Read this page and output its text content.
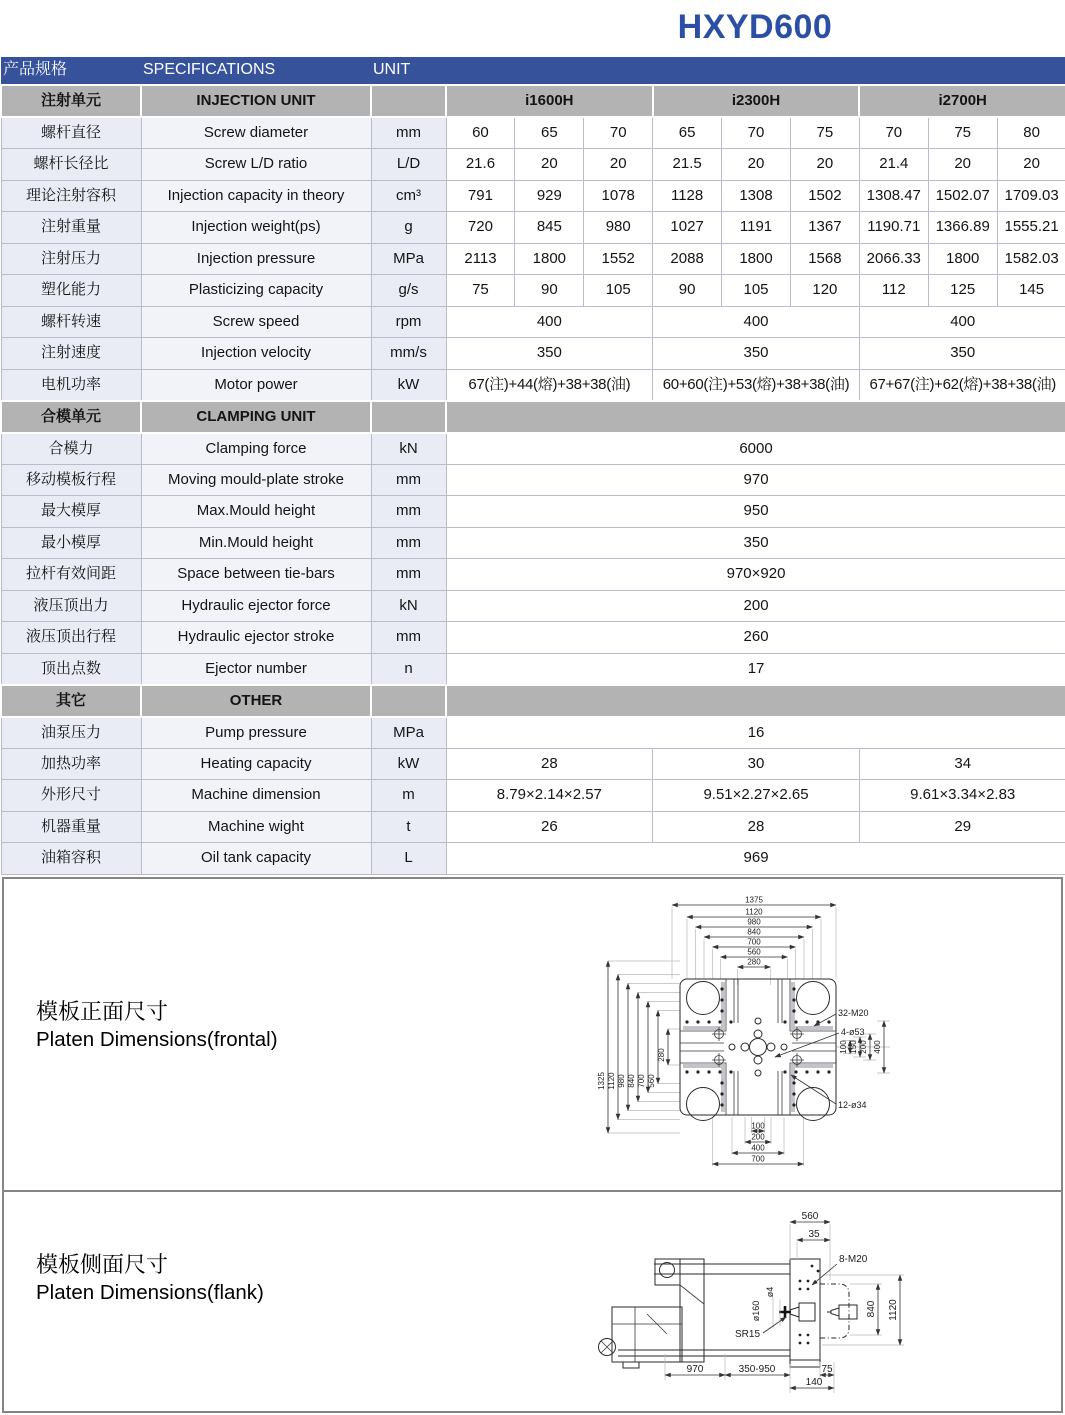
HXYD600
产品规格	SPECIFICATIONS	UNIT									
注射单元	INJECTION UNIT		i1600H			i2300H			i2700H		
螺杆直径	Screw diameter	mm	60	65	70	65	70	75	70	75	80
螺杆长径比	Screw L/D ratio	L/D	21.6	20	20	21.5	20	20	21.4	20	20
理论注射容积	Injection capacity in theory	cm³	791	929	1078	1128	1308	1502	1308.47	1502.07	1709.03
注射重量	Injection weight(ps)	g	720	845	980	1027	1191	1367	1190.71	1366.89	1555.21
注射压力	Injection pressure	MPa	2113	1800	1552	2088	1800	1568	2066.33	1800	1582.03
塑化能力	Plasticizing capacity	g/s	75	90	105	90	105	120	112	125	145
螺杆转速	Screw speed	rpm	400			400			400		
注射速度	Injection velocity	mm/s	350			350			350		
电机功率	Motor power	kW	67(注)+44(熔)+38+38(油)			60+60(注)+53(熔)+38+38(油)			67+67(注)+62(熔)+38+38(油)		
合模单元	CLAMPING UNIT										
合模力	Clamping force	kN	6000								
移动模板行程	Moving mould-plate stroke	mm	970								
最大模厚	Max.Mould height	mm	950								
最小模厚	Min.Mould height	mm	350								
拉杆有效间距	Space between tie-bars	mm	970×920								
液压顶出力	Hydraulic ejector force	kN	200								
液压顶出行程	Hydraulic ejector stroke	mm	260								
顶出点数	Ejector number	n	17								
其它	OTHER										
油泵压力	Pump pressure	MPa	16								
加热功率	Heating capacity	kW	28			30			34		
外形尺寸	Machine dimension	m	8.79×2.14×2.57			9.51×2.27×2.65			9.61×3.34×2.83		
机器重量	Machine wight	t	26			28			29		
油箱容积	Oil tank capacity	L	969								
模板正面尺寸
Platen Dimensions(frontal)
1375
1120
980
840
700
560
280
1325 1120 980 840 700 560
280
100 150 200 400
100
200
400
700
32-M20
4-ø53
12-ø34
模板侧面尺寸
Platen Dimensions(flank)
560
35
840 1120
970	350-950	75
140
8-M20
ø4
ø160
SR15
